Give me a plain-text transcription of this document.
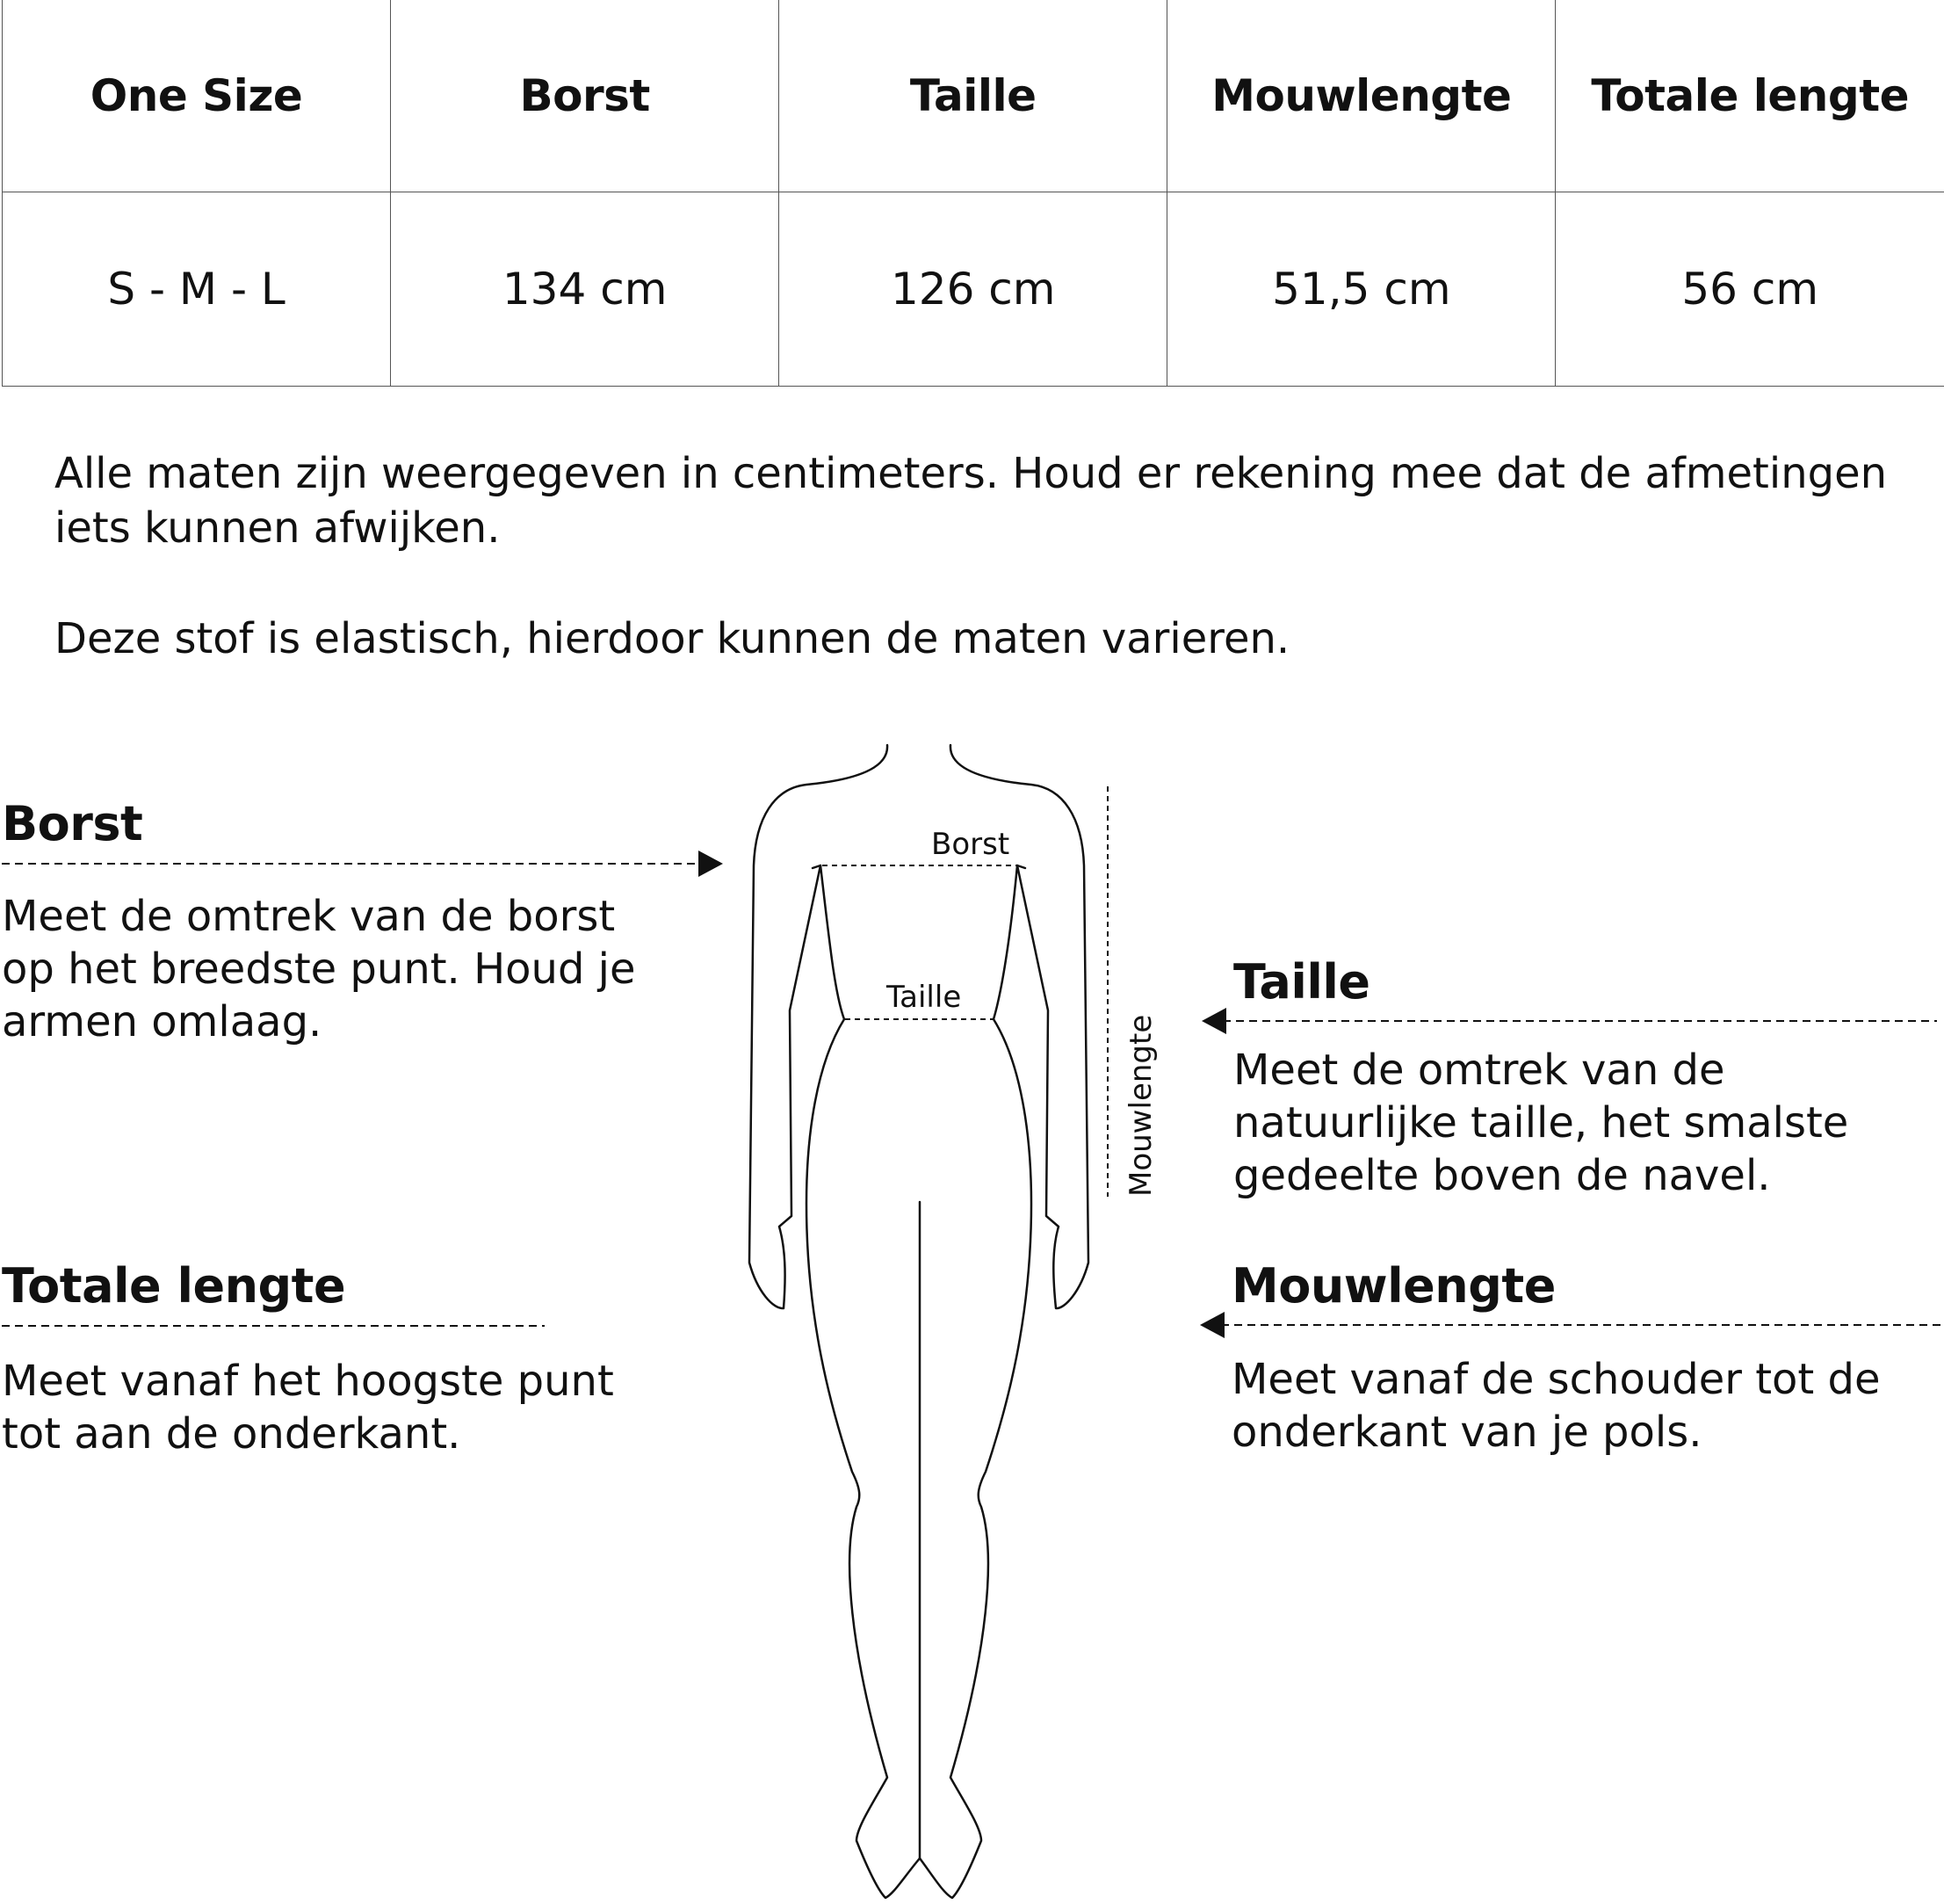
One Size	Borst	Taille	Mouwlengte	Totale lengte
S - M - L	134 cm	126 cm	51,5 cm	56 cm

Alle maten zijn weergegeven in centimeters. Houd er rekening mee dat de afmetingen iets kunnen afwijken.

Deze stof is elastisch, hierdoor kunnen de maten varieren.

Borst

Meet de omtrek van de borst
op het breedste punt. Houd je
armen omlaag.

Totale lengte

Meet vanaf het hoogste punt
tot aan de onderkant.

Taille

Meet de omtrek van de
natuurlijke taille, het smalste
gedeelte boven de navel.

Mouwlengte

Meet vanaf de schouder tot de
onderkant van je pols.

Borst
Taille
Mouwlengte
